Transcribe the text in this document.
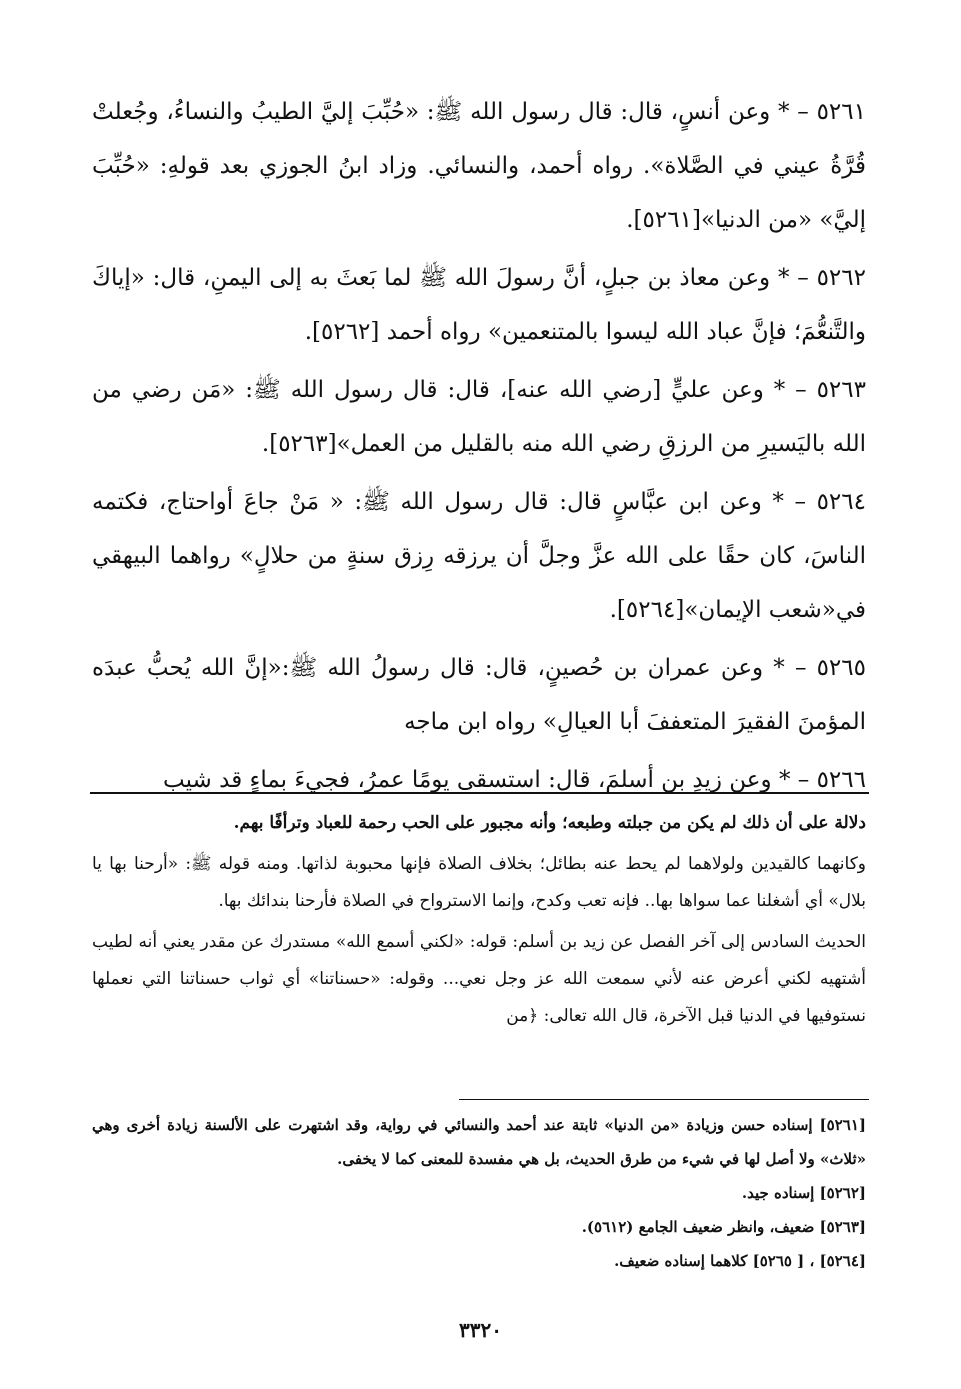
٥٢٦١ – * وعن أنسٍ، قال: قال رسول الله ﷺ: «حُبِّبَ إليَّ الطيبُ والنساءُ، وجُعلتْ قُرَّةُ عيني في الصَّلاة». رواه أحمد، والنسائي. وزاد ابنُ الجوزي بعد قولهِ: «حُبِّبَ إليَّ» «من الدنيا»[٥٢٦١].

٥٢٦٢ – * وعن معاذ بن جبلٍ، أنَّ رسولَ الله ﷺ لما بَعثَ به إلى اليمنِ، قال: «إياكَ والتَّنعُّمَ؛ فإنَّ عباد الله ليسوا بالمتنعمين» رواه أحمد [٥٢٦٢].

٥٢٦٣ – * وعن عليٍّ [رضي الله عنه]، قال: قال رسول الله ﷺ: «مَن رضي من الله باليَسيرِ من الرزقِ رضي الله منه بالقليل من العمل»[٥٢٦٣].

٥٢٦٤ – * وعن ابن عبَّاسٍ قال: قال رسول الله ﷺ: « مَنْ جاعَ أواحتاج، فكتمه الناسَ، كان حقًا على الله عزَّ وجلَّ أن يرزقه رِزق سنةٍ من حلالٍ» رواهما البيهقي في«شعب الإيمان»[٥٢٦٤].

٥٢٦٥ – * وعن عمران بن حُصينٍ، قال: قال رسولُ الله ﷺ:«إنَّ الله يُحبُّ عبدَه المؤمنَ الفقيرَ المتعففَ أبا العيالِ» رواه ابن ماجه

٥٢٦٦ – * وعن زيدِ بن أسلمَ، قال: استسقى يومًا عمرُ، فجيءَ بماءٍ قد شيب

دلالة على أن ذلك لم يكن من جبلته وطبعه؛ وأنه مجبور على الحب رحمة للعباد وترأفًا بهم.

وكانهما كالقيدين ولولاهما لم يحط عنه بطائل؛ بخلاف الصلاة فإنها محبوبة لذاتها. ومنه قوله ﷺ: «أرحنا بها يا بلال» أي أشغلنا عما سواها بها.. فإنه تعب وكدح، وإنما الاسترواح في الصلاة فأرحنا بندائك بها.

الحديث السادس إلى آخر الفصل عن زيد بن أسلم: قوله: «لكني أسمع الله» مستدرك عن مقدر يعني أنه لطيب أشتهيه لكني أعرض عنه لأني سمعت الله عز وجل نعي... وقوله: «حسناتنا» أي ثواب حسناتنا التي نعملها نستوفيها في الدنيا قبل الآخرة، قال الله تعالى: ﴿من

[٥٢٦١] إسناده حسن وزيادة «من الدنيا» ثابتة عند أحمد والنسائي في رواية، وقد اشتهرت على الألسنة زيادة أخرى وهي «ثلاث» ولا أصل لها في شيء من طرق الحديث، بل هي مفسدة للمعنى كما لا يخفى.

[٥٢٦٢] إسناده جيد.

[٥٢٦٣] ضعيف، وانظر ضعيف الجامع (٥٦١٢).

[٥٢٦٤] ، [ ٥٢٦٥] كلاهما إسناده ضعيف.

٣٣٢٠
